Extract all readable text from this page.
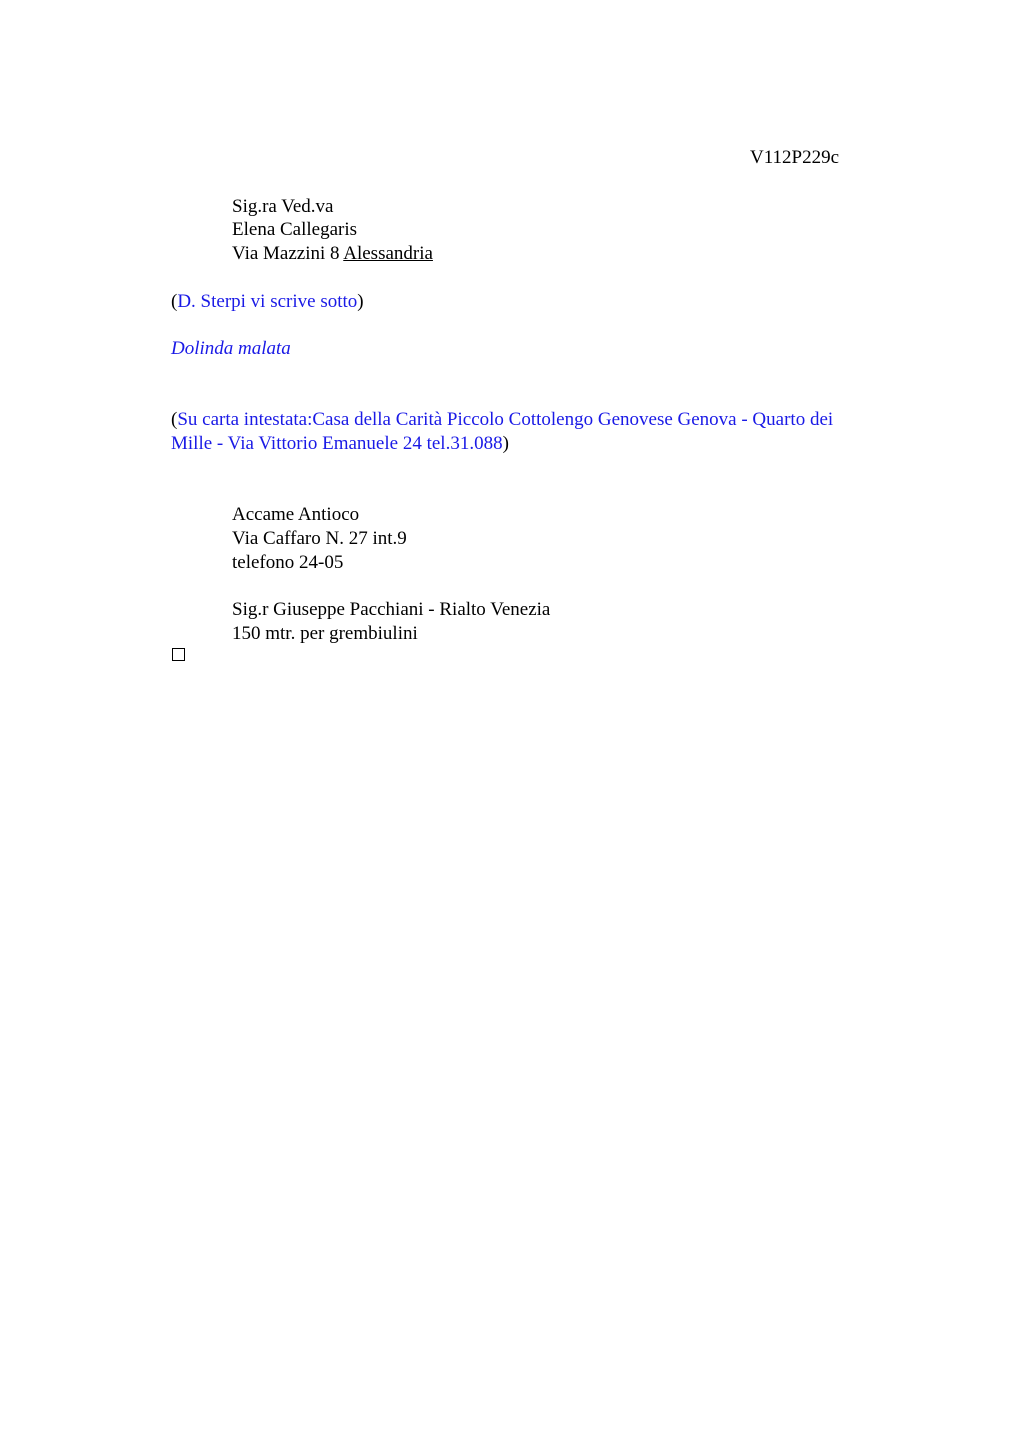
V112P229c
Sig.ra Ved.va
Elena Callegaris
Via Mazzini 8 Alessandria
(D. Sterpi vi scrive sotto)
Dolinda malata
(Su carta intestata:Casa della Carità Piccolo Cottolengo Genovese Genova - Quarto dei
Mille - Via Vittorio Emanuele 24 tel.31.088)
Accame Antioco
Via Caffaro N. 27 int.9
telefono 24-05
Sig.r Giuseppe Pacchiani - Rialto Venezia
150 mtr. per grembiulini
